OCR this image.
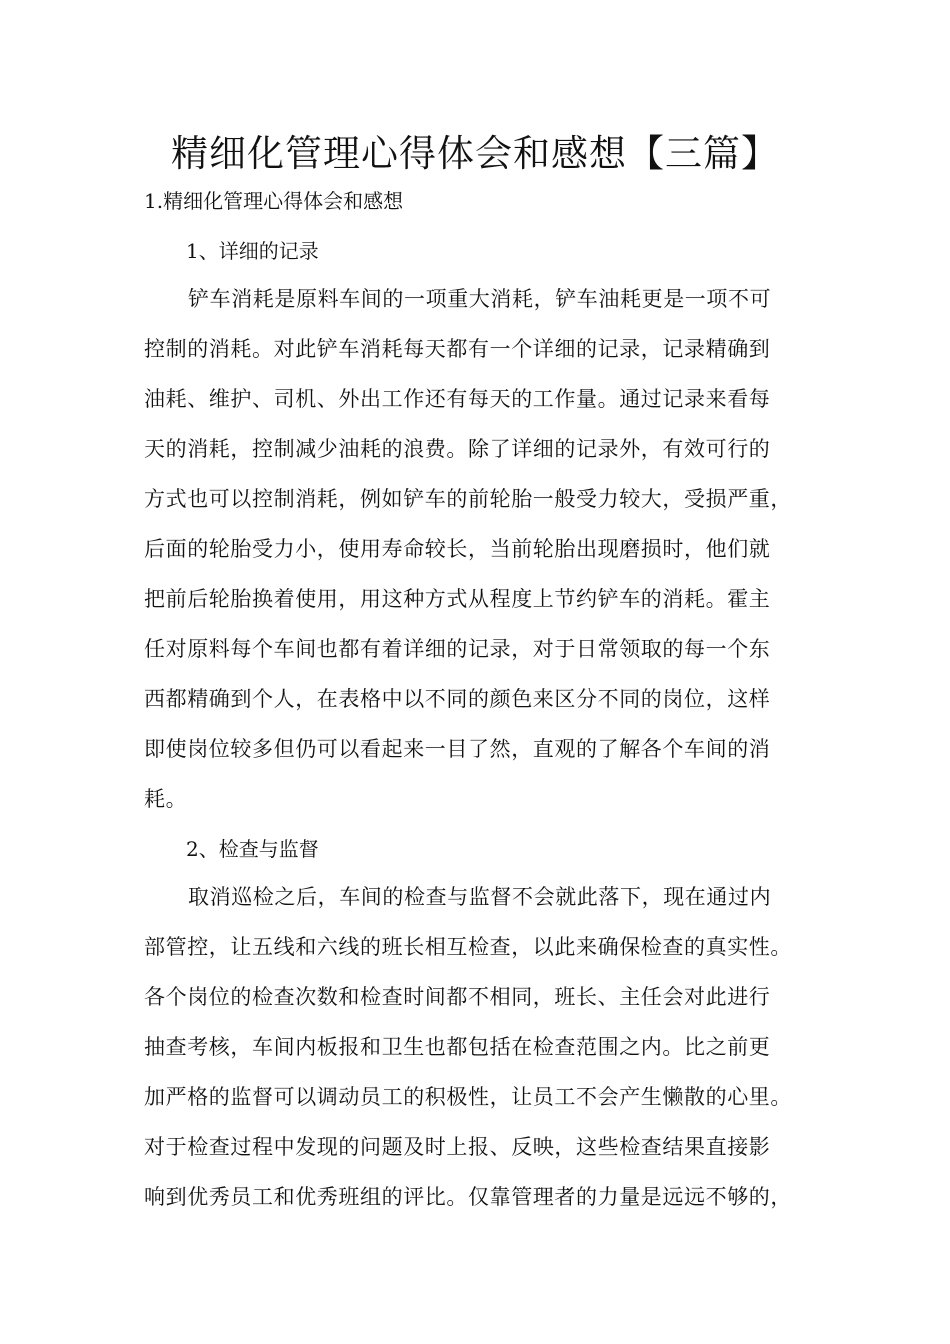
精细化管理心得体会和感想【三篇】

1.精细化管理心得体会和感想

1、详细的记录

铲车消耗是原料车间的一项重大消耗，铲车油耗更是一项不可
控制的消耗。对此铲车消耗每天都有一个详细的记录，记录精确到
油耗、维护、司机、外出工作还有每天的工作量。通过记录来看每
天的消耗，控制减少油耗的浪费。除了详细的记录外，有效可行的
方式也可以控制消耗，例如铲车的前轮胎一般受力较大，受损严重，
后面的轮胎受力小，使用寿命较长，当前轮胎出现磨损时，他们就
把前后轮胎换着使用，用这种方式从程度上节约铲车的消耗。霍主
任对原料每个车间也都有着详细的记录，对于日常领取的每一个东
西都精确到个人，在表格中以不同的颜色来区分不同的岗位，这样
即使岗位较多但仍可以看起来一目了然，直观的了解各个车间的消
耗。

2、检查与监督

取消巡检之后，车间的检查与监督不会就此落下，现在通过内
部管控，让五线和六线的班长相互检查，以此来确保检查的真实性。
各个岗位的检查次数和检查时间都不相同，班长、主任会对此进行
抽查考核，车间内板报和卫生也都包括在检查范围之内。比之前更
加严格的监督可以调动员工的积极性，让员工不会产生懒散的心里。
对于检查过程中发现的问题及时上报、反映，这些检查结果直接影
响到优秀员工和优秀班组的评比。仅靠管理者的力量是远远不够的，
